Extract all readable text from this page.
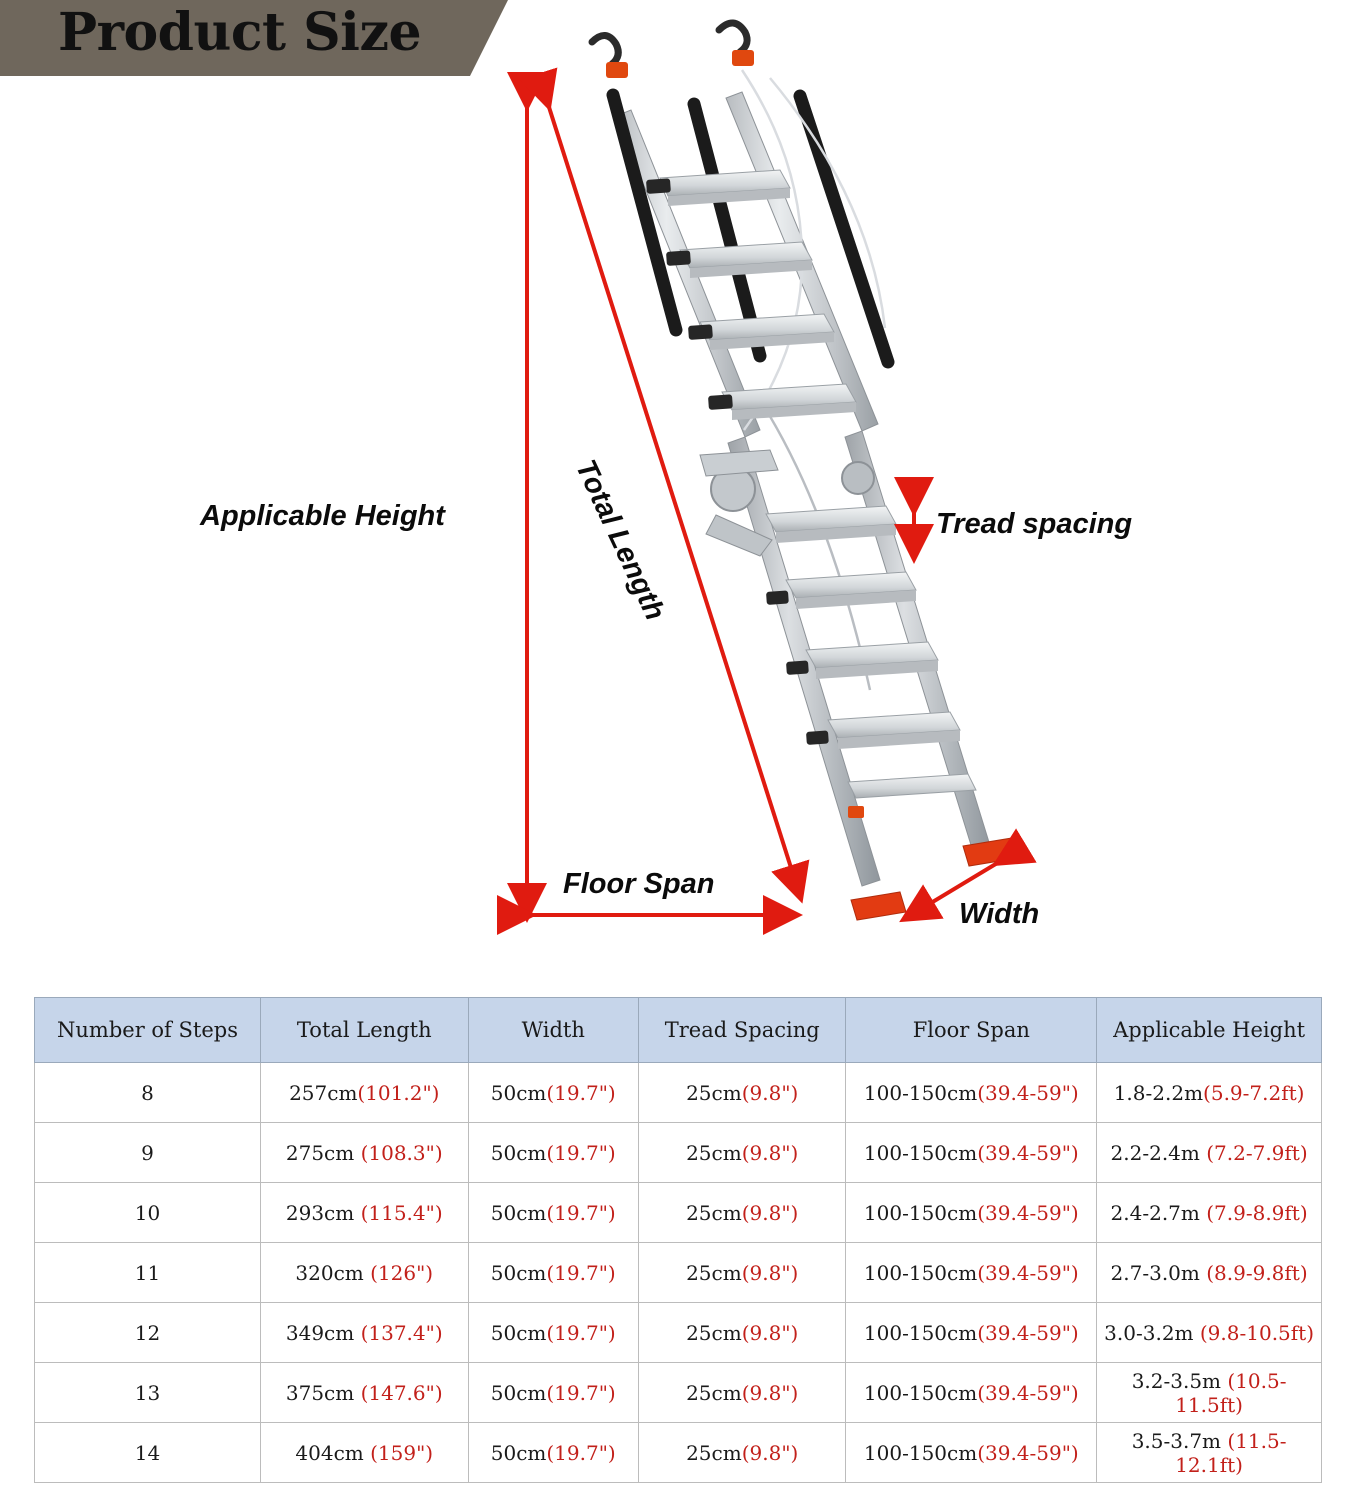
Product Size
Applicable Height	Total Length	Tread spacing
Floor Span
Width
Number of Steps	Total Length	Width	Tread Spacing	Floor Span	Applicable Height
8	257cm(101.2")	50cm(19.7")	25cm(9.8")	100-150cm(39.4-59")	1.8-2.2m(5.9-7.2ft)
9	275cm (108.3")	50cm(19.7")	25cm(9.8")	100-150cm(39.4-59")	2.2-2.4m (7.2-7.9ft)
10	293cm (115.4")	50cm(19.7")	25cm(9.8")	100-150cm(39.4-59")	2.4-2.7m (7.9-8.9ft)
11	320cm (126")	50cm(19.7")	25cm(9.8")	100-150cm(39.4-59")	2.7-3.0m (8.9-9.8ft)
12	349cm (137.4")	50cm(19.7")	25cm(9.8")	100-150cm(39.4-59")	3.0-3.2m (9.8-10.5ft)
13	375cm (147.6")	50cm(19.7")	25cm(9.8")	100-150cm(39.4-59")	3.2-3.5m (10.5-11.5ft)
14	404cm (159")	50cm(19.7")	25cm(9.8")	100-150cm(39.4-59")	3.5-3.7m (11.5-12.1ft)
